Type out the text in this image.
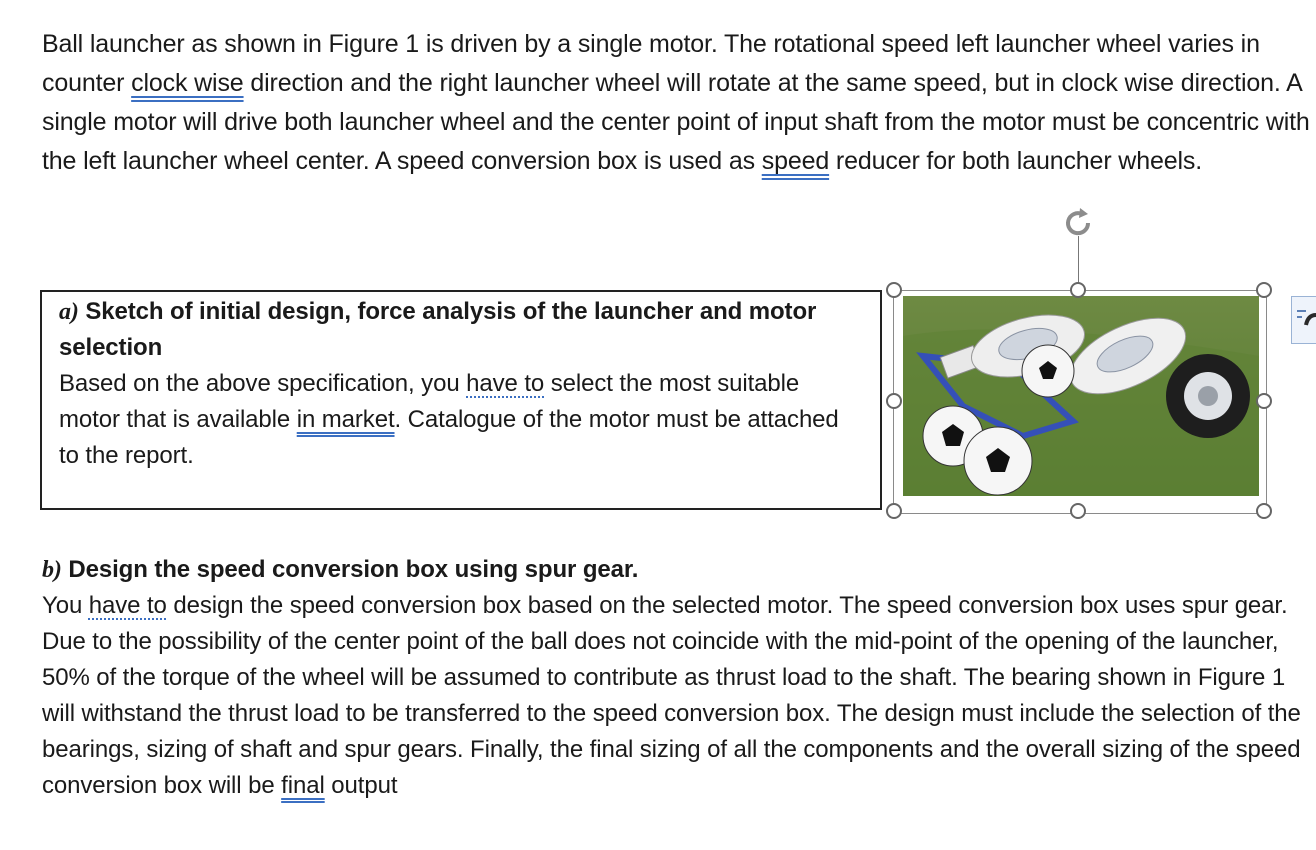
Ball launcher as shown in Figure 1 is driven by a single motor. The rotational speed left launcher wheel varies in counter clock wise direction and the right launcher wheel will rotate at the same speed, but in clock wise direction. A single motor will drive both launcher wheel and the center point of input shaft from the motor must be concentric with the left launcher wheel center. A speed conversion box is used as speed reducer for both launcher wheels.

a) Sketch of initial design, force analysis of the launcher and motor selection
Based on the above specification, you have to select the most suitable motor that is available in market. Catalogue of the motor must be attached to the report.
b) Design the speed conversion box using spur gear.
You have to design the speed conversion box based on the selected motor. The speed conversion box uses spur gear. Due to the possibility of the center point of the ball does not coincide with the mid-point of the opening of the launcher, 50% of the torque of the wheel will be assumed to contribute as thrust load to the shaft. The bearing shown in Figure 1 will withstand the thrust load to be transferred to the speed conversion box. The design must include the selection of the bearings, sizing of shaft and spur gears. Finally, the final sizing of all the components and the overall sizing of the speed conversion box will be final output
